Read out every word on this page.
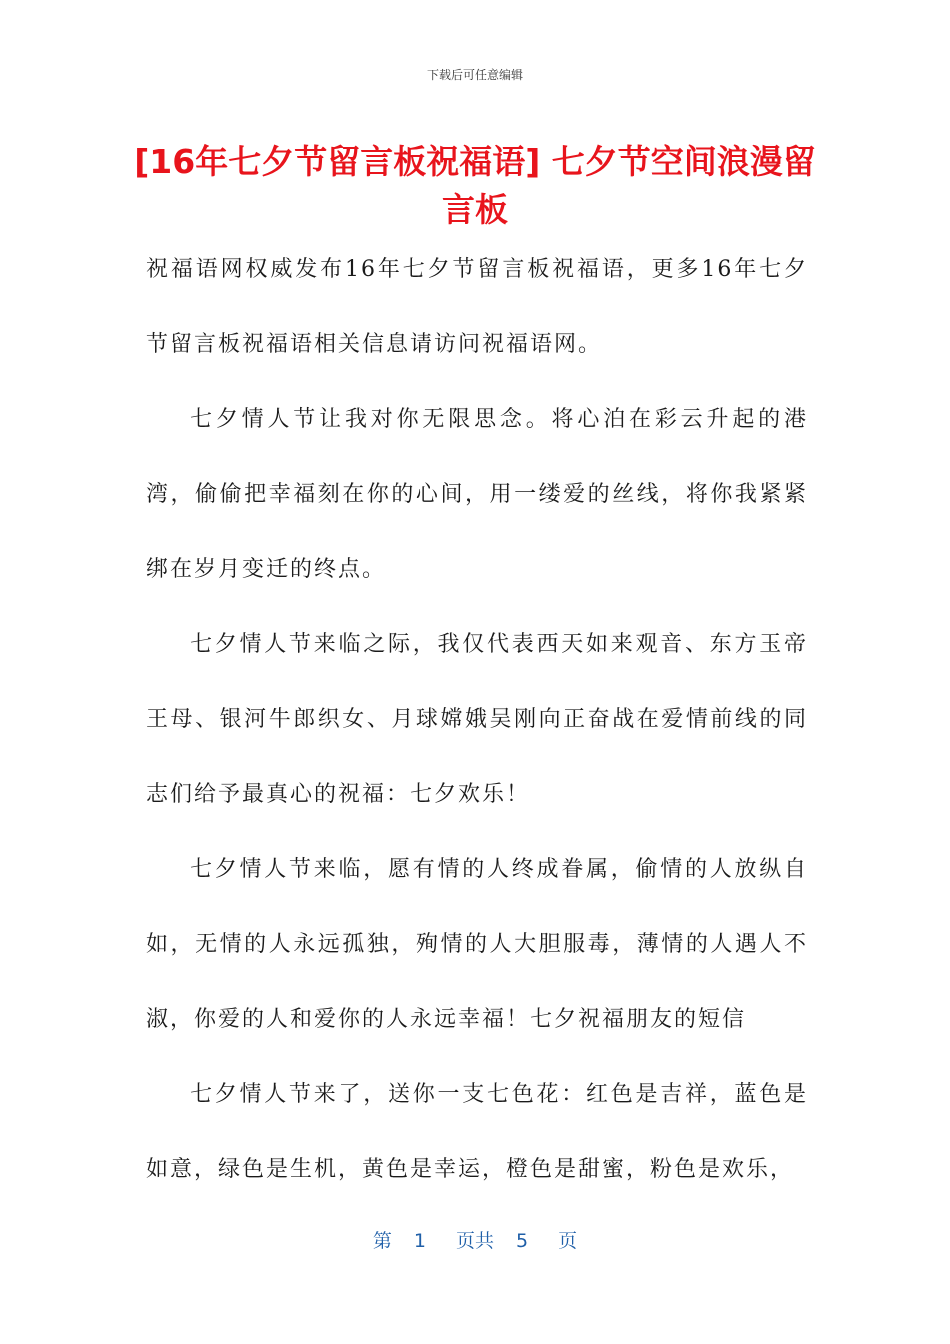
下载后可任意编辑
[16年七夕节留言板祝福语] 七夕节空间浪漫留言板

祝福语网权威发布16年七夕节留言板祝福语，更多16年七夕节留言板祝福语相关信息请访问祝福语网。

七夕情人节让我对你无限思念。将心泊在彩云升起的港湾，偷偷把幸福刻在你的心间，用一缕爱的丝线，将你我紧紧绑在岁月变迁的终点。

七夕情人节来临之际，我仅代表西天如来观音、东方玉帝王母、银河牛郎织女、月球嫦娥吴刚向正奋战在爱情前线的同志们给予最真心的祝福：七夕欢乐！

七夕情人节来临，愿有情的人终成眷属，偷情的人放纵自如，无情的人永远孤独，殉情的人大胆服毒，薄情的人遇人不淑，你爱的人和爱你的人永远幸福！七夕祝福朋友的短信

七夕情人节来了，送你一支七色花：红色是吉祥，蓝色是如意，绿色是生机，黄色是幸运，橙色是甜蜜，粉色是欢乐，

第 1 页共 5 页
